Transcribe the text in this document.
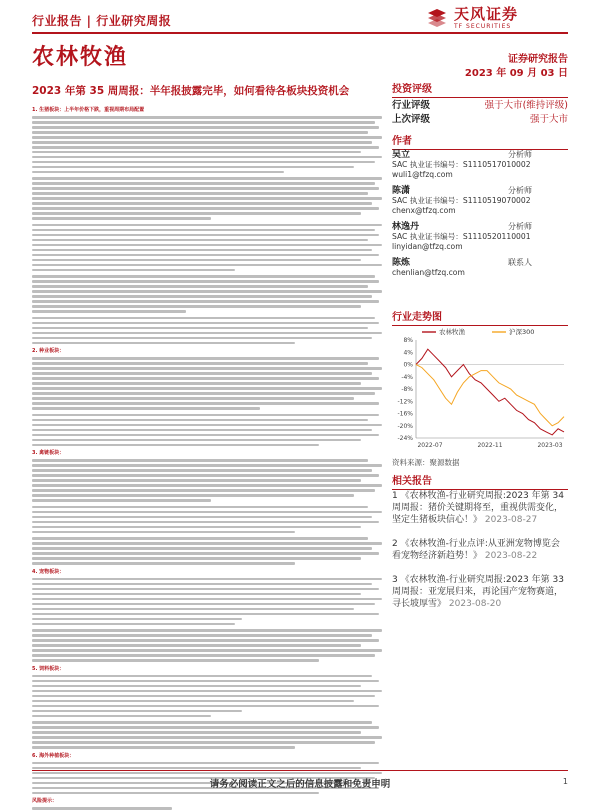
行业报告 | 行业研究周报	天风证券
TF SECURITIES
农林牧渔	证券研究报告
2023 年 09 月 03 日
2023 年第 35 周周报：半年报披露完毕，如何看待各板块投资机会
1. 生猪板块：上半年价格下跌，重视周期布局配置
2. 种业板块：
3. 禽链板块：
4. 宠物板块：
5. 饲料板块：
6. 海外种植板块：
风险提示：
投资评级
行业评级	强于大市(维持评级)
上次评级	强于大市
作者
吴立	分析师
SAC 执业证书编号：S1110517010002
wuli1@tfzq.com
陈潇	分析师
SAC 执业证书编号：S1110519070002
chenx@tfzq.com
林逸丹	分析师
SAC 执业证书编号：S1110520110001
linyidan@tfzq.com
陈炼	联系人
chenlian@tfzq.com
行业走势图
8%
4%
0%
-4%
-8%
-12%
-16%
-20%
-24%
2022-07	2022-11	2023-03
农林牧渔	沪深300
资料来源：聚源数据
相关报告
1 《农林牧渔-行业研究周报:2023 年第 34 周周报：猪价关键期将至，重视供需变化，坚定生猪板块信心！》 2023-08-27
2 《农林牧渔-行业点评:从亚洲宠物博览会看宠物经济新趋势！》 2023-08-22
3 《农林牧渔-行业研究周报:2023 年第 33 周周报：亚宠展归来，再论国产宠物赛道，寻长坡厚雪》 2023-08-20
请务必阅读正文之后的信息披露和免责申明	1
